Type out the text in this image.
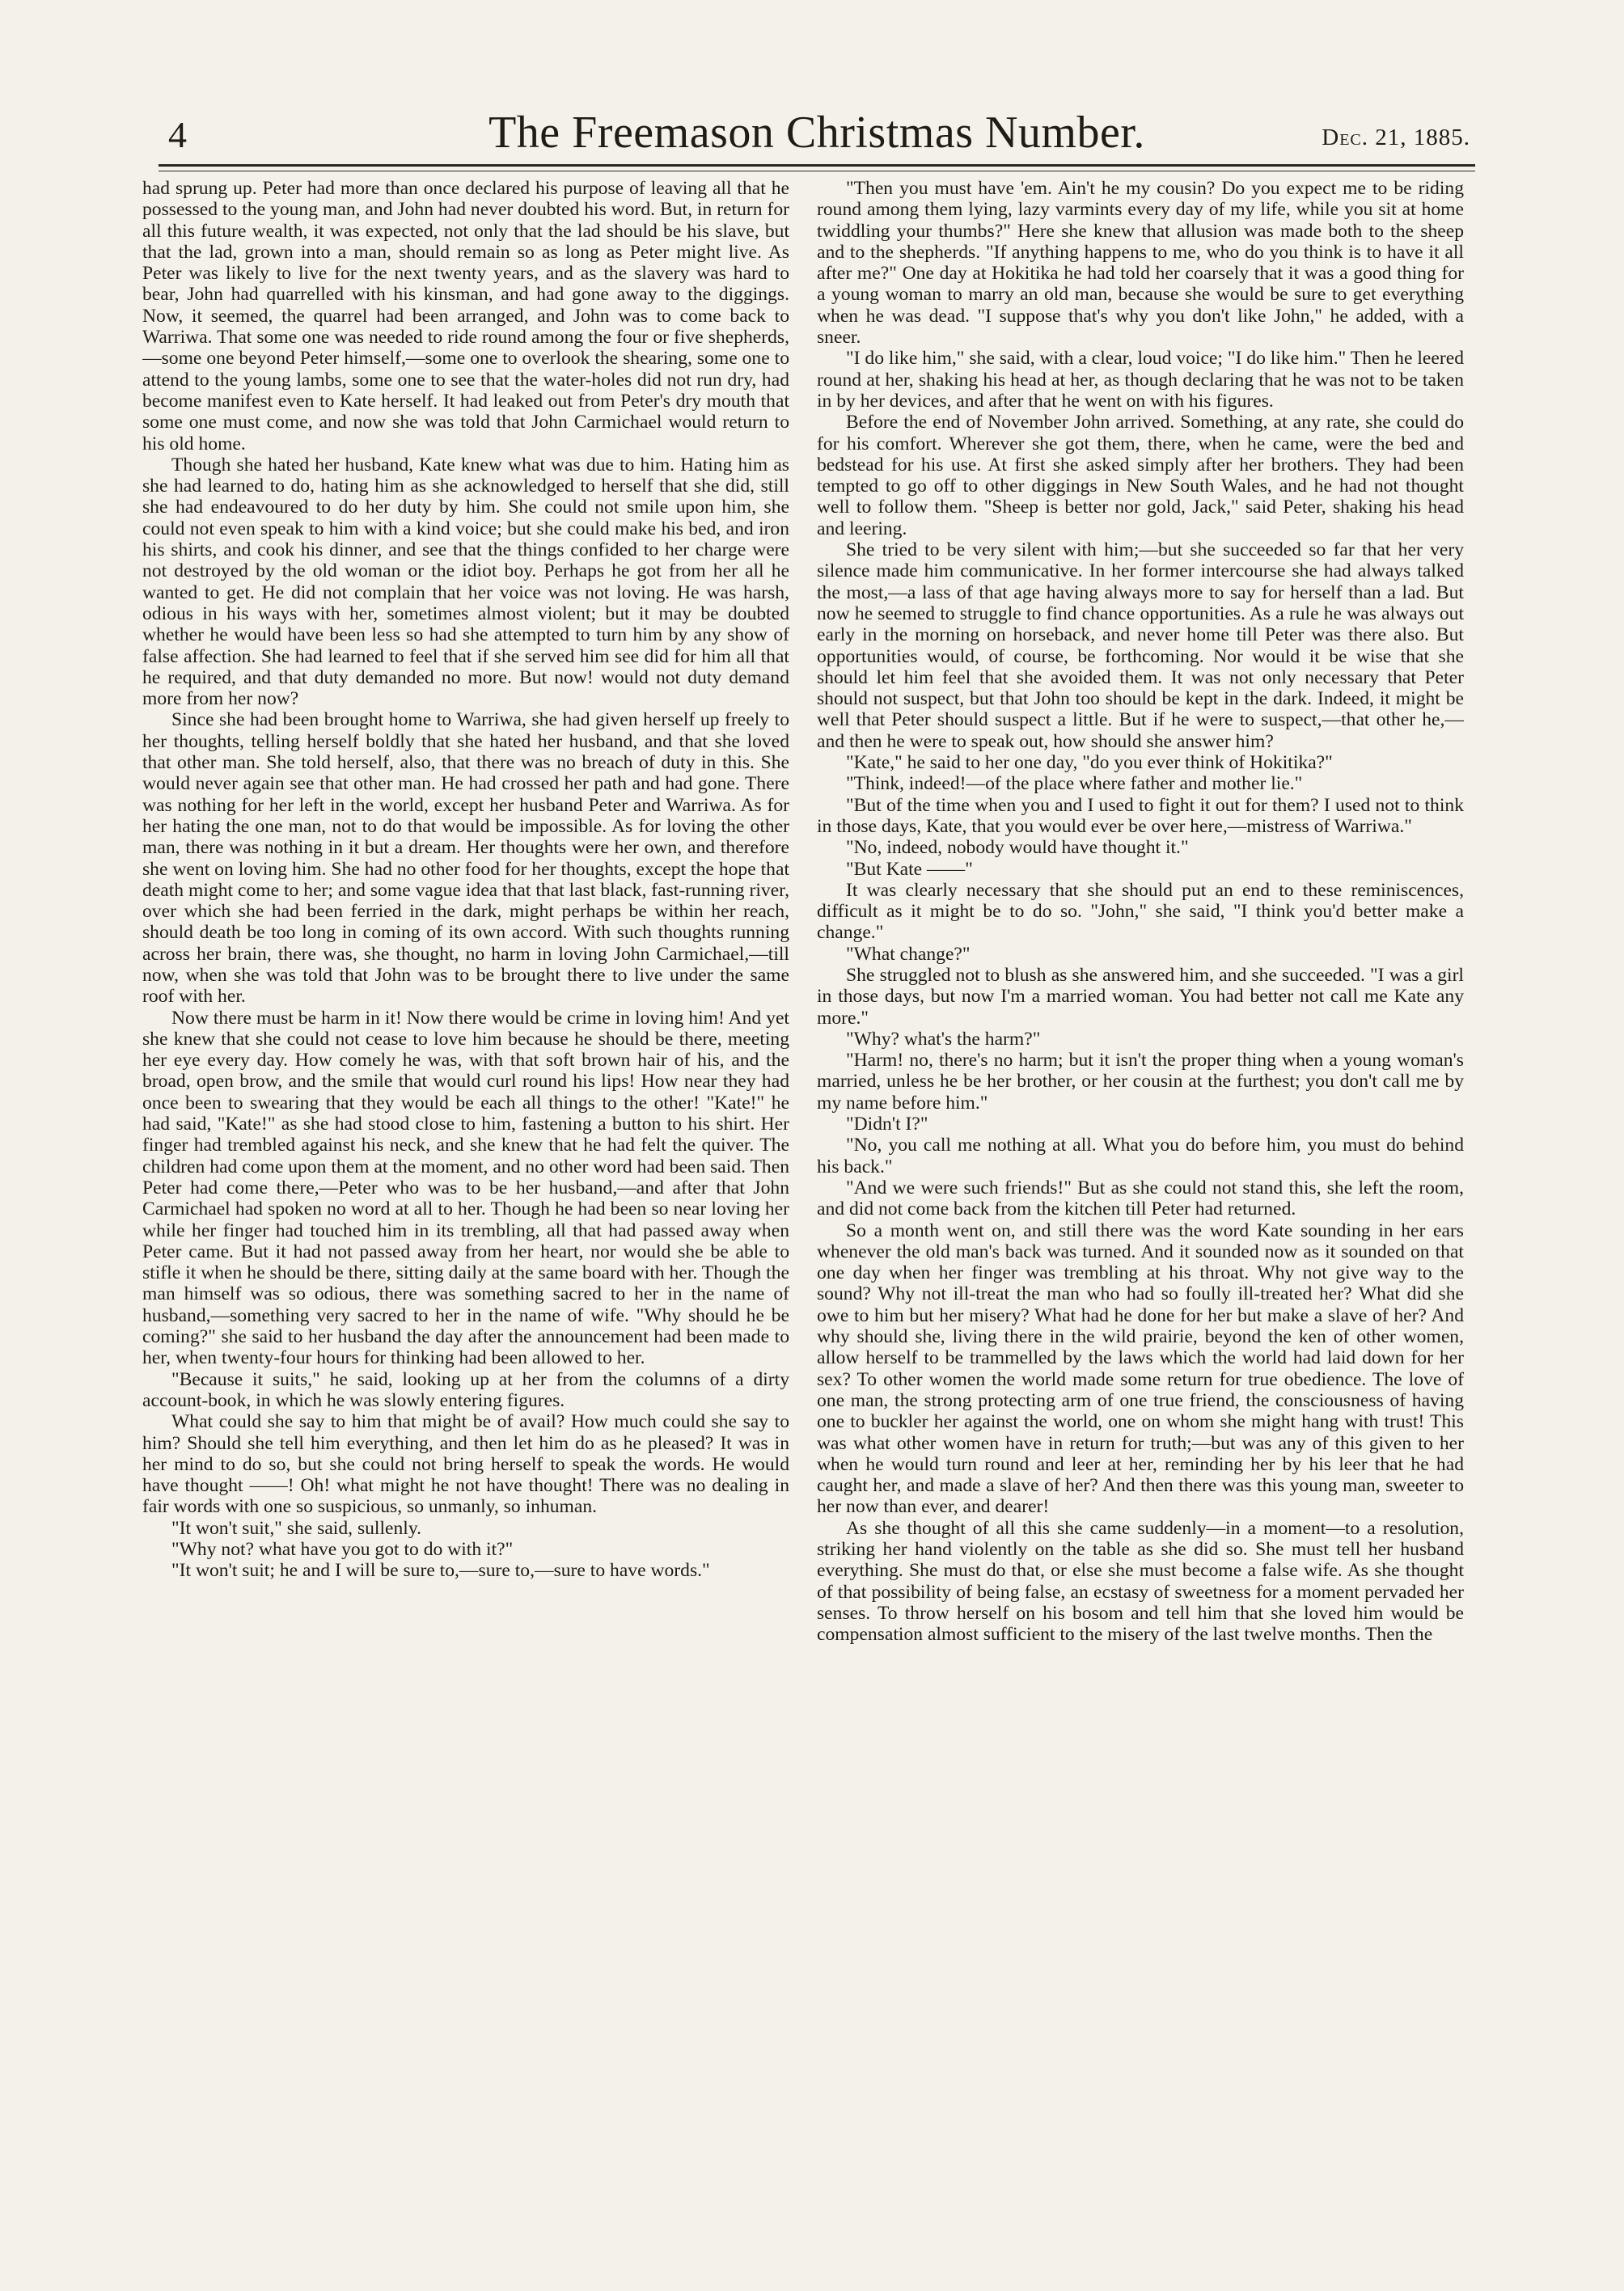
4	The Freemason Christmas Number.	Dec. 21, 1885.

had sprung up. Peter had more than once declared his purpose of leaving all that he possessed to the young man, and John had never doubted his word. But, in return for all this future wealth, it was expected, not only that the lad should be his slave, but that the lad, grown into a man, should remain so as long as Peter might live. As Peter was likely to live for the next twenty years, and as the slavery was hard to bear, John had quarrelled with his kinsman, and had gone away to the diggings. Now, it seemed, the quarrel had been arranged, and John was to come back to Warriwa. That some one was needed to ride round among the four or five shepherds,—some one beyond Peter himself,—some one to overlook the shearing, some one to attend to the young lambs, some one to see that the water-holes did not run dry, had become manifest even to Kate herself. It had leaked out from Peter's dry mouth that some one must come, and now she was told that John Carmichael would return to his old home.

Though she hated her husband, Kate knew what was due to him. Hating him as she had learned to do, hating him as she acknowledged to herself that she did, still she had endeavoured to do her duty by him. She could not smile upon him, she could not even speak to him with a kind voice; but she could make his bed, and iron his shirts, and cook his dinner, and see that the things confided to her charge were not destroyed by the old woman or the idiot boy. Perhaps he got from her all he wanted to get. He did not complain that her voice was not loving. He was harsh, odious in his ways with her, sometimes almost violent; but it may be doubted whether he would have been less so had she attempted to turn him by any show of false affection. She had learned to feel that if she served him see did for him all that he required, and that duty demanded no more. But now! would not duty demand more from her now?

Since she had been brought home to Warriwa, she had given herself up freely to her thoughts, telling herself boldly that she hated her husband, and that she loved that other man. She told herself, also, that there was no breach of duty in this. She would never again see that other man. He had crossed her path and had gone. There was nothing for her left in the world, except her husband Peter and Warriwa. As for her hating the one man, not to do that would be impossible. As for loving the other man, there was nothing in it but a dream. Her thoughts were her own, and therefore she went on loving him. She had no other food for her thoughts, except the hope that death might come to her; and some vague idea that that last black, fast-running river, over which she had been ferried in the dark, might perhaps be within her reach, should death be too long in coming of its own accord. With such thoughts running across her brain, there was, she thought, no harm in loving John Carmichael,—till now, when she was told that John was to be brought there to live under the same roof with her.

Now there must be harm in it! Now there would be crime in loving him! And yet she knew that she could not cease to love him because he should be there, meeting her eye every day. How comely he was, with that soft brown hair of his, and the broad, open brow, and the smile that would curl round his lips! How near they had once been to swearing that they would be each all things to the other! "Kate!" he had said, "Kate!" as she had stood close to him, fastening a button to his shirt. Her finger had trembled against his neck, and she knew that he had felt the quiver. The children had come upon them at the moment, and no other word had been said. Then Peter had come there,—Peter who was to be her husband,—and after that John Carmichael had spoken no word at all to her. Though he had been so near loving her while her finger had touched him in its trembling, all that had passed away when Peter came. But it had not passed away from her heart, nor would she be able to stifle it when he should be there, sitting daily at the same board with her. Though the man himself was so odious, there was something sacred to her in the name of husband,—something very sacred to her in the name of wife. "Why should he be coming?" she said to her husband the day after the announcement had been made to her, when twenty-four hours for thinking had been allowed to her.

"Because it suits," he said, looking up at her from the columns of a dirty account-book, in which he was slowly entering figures.

What could she say to him that might be of avail? How much could she say to him? Should she tell him everything, and then let him do as he pleased? It was in her mind to do so, but she could not bring herself to speak the words. He would have thought ——! Oh! what might he not have thought! There was no dealing in fair words with one so suspicious, so unmanly, so inhuman.

"It won't suit," she said, sullenly.

"Why not? what have you got to do with it?"

"It won't suit; he and I will be sure to,—sure to,—sure to have words."

"Then you must have 'em. Ain't he my cousin? Do you expect me to be riding round among them lying, lazy varmints every day of my life, while you sit at home twiddling your thumbs?" Here she knew that allusion was made both to the sheep and to the shepherds. "If anything happens to me, who do you think is to have it all after me?" One day at Hokitika he had told her coarsely that it was a good thing for a young woman to marry an old man, because she would be sure to get everything when he was dead. "I suppose that's why you don't like John," he added, with a sneer.

"I do like him," she said, with a clear, loud voice; "I do like him." Then he leered round at her, shaking his head at her, as though declaring that he was not to be taken in by her devices, and after that he went on with his figures.

Before the end of November John arrived. Something, at any rate, she could do for his comfort. Wherever she got them, there, when he came, were the bed and bedstead for his use. At first she asked simply after her brothers. They had been tempted to go off to other diggings in New South Wales, and he had not thought well to follow them. "Sheep is better nor gold, Jack," said Peter, shaking his head and leering.

She tried to be very silent with him;—but she succeeded so far that her very silence made him communicative. In her former intercourse she had always talked the most,—a lass of that age having always more to say for herself than a lad. But now he seemed to struggle to find chance opportunities. As a rule he was always out early in the morning on horseback, and never home till Peter was there also. But opportunities would, of course, be forthcoming. Nor would it be wise that she should let him feel that she avoided them. It was not only necessary that Peter should not suspect, but that John too should be kept in the dark. Indeed, it might be well that Peter should suspect a little. But if he were to suspect,—that other he,—and then he were to speak out, how should she answer him?

"Kate," he said to her one day, "do you ever think of Hokitika?"

"Think, indeed!—of the place where father and mother lie."

"But of the time when you and I used to fight it out for them? I used not to think in those days, Kate, that you would ever be over here,—mistress of Warriwa."

"No, indeed, nobody would have thought it."

"But Kate ——"

It was clearly necessary that she should put an end to these reminiscences, difficult as it might be to do so. "John," she said, "I think you'd better make a change."

"What change?"

She struggled not to blush as she answered him, and she succeeded. "I was a girl in those days, but now I'm a married woman. You had better not call me Kate any more."

"Why? what's the harm?"

"Harm! no, there's no harm; but it isn't the proper thing when a young woman's married, unless he be her brother, or her cousin at the furthest; you don't call me by my name before him."

"Didn't I?"

"No, you call me nothing at all. What you do before him, you must do behind his back."

"And we were such friends!" But as she could not stand this, she left the room, and did not come back from the kitchen till Peter had returned.

So a month went on, and still there was the word Kate sounding in her ears whenever the old man's back was turned. And it sounded now as it sounded on that one day when her finger was trembling at his throat. Why not give way to the sound? Why not ill-treat the man who had so foully ill-treated her? What did she owe to him but her misery? What had he done for her but make a slave of her? And why should she, living there in the wild prairie, beyond the ken of other women, allow herself to be trammelled by the laws which the world had laid down for her sex? To other women the world made some return for true obedience. The love of one man, the strong protecting arm of one true friend, the consciousness of having one to buckler her against the world, one on whom she might hang with trust! This was what other women have in return for truth;—but was any of this given to her when he would turn round and leer at her, reminding her by his leer that he had caught her, and made a slave of her? And then there was this young man, sweeter to her now than ever, and dearer!

As she thought of all this she came suddenly—in a moment—to a resolution, striking her hand violently on the table as she did so. She must tell her husband everything. She must do that, or else she must become a false wife. As she thought of that possibility of being false, an ecstasy of sweetness for a moment pervaded her senses. To throw herself on his bosom and tell him that she loved him would be compensation almost sufficient to the misery of the last twelve months. Then the
